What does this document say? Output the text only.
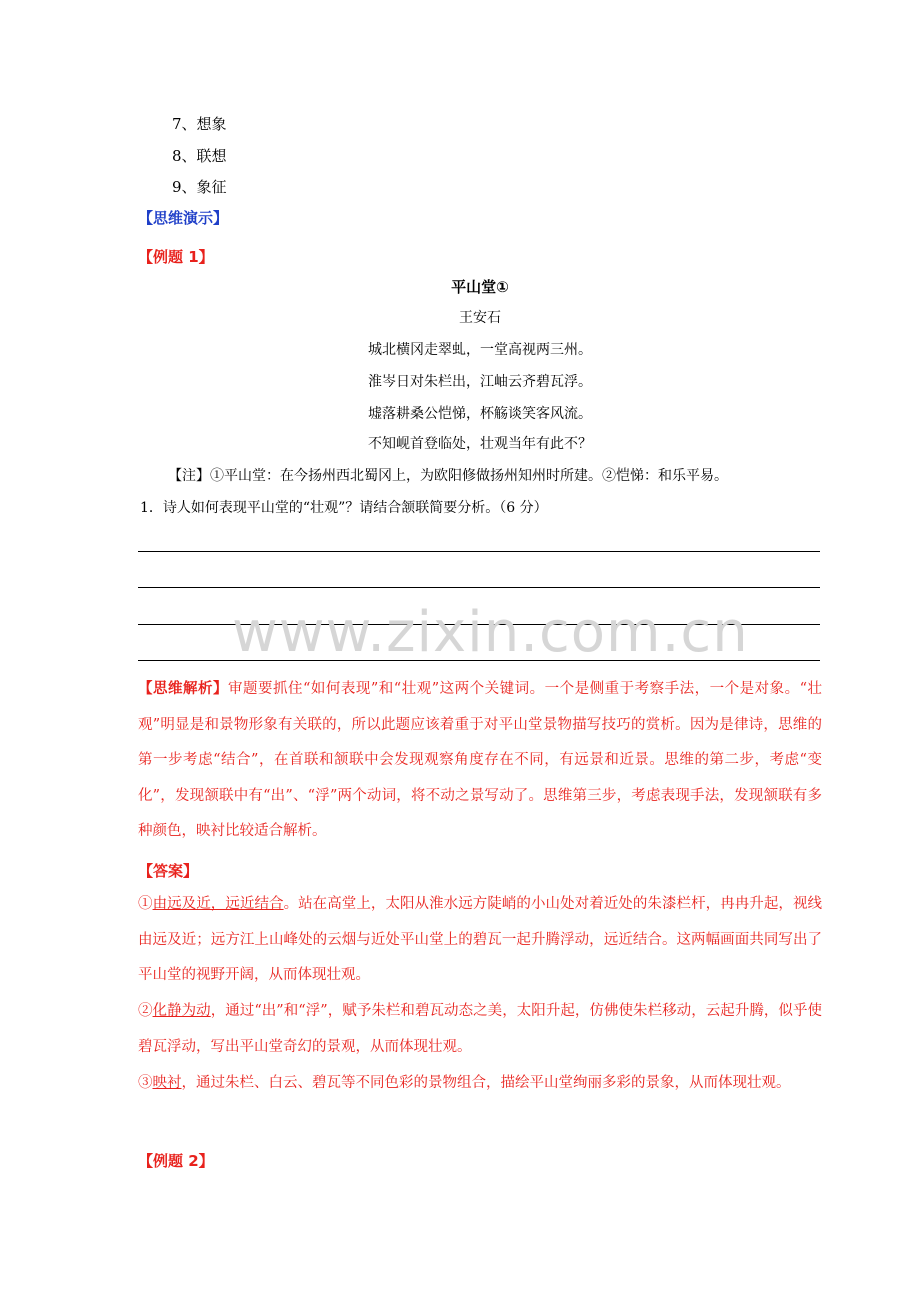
7、想象
8、联想
9、象征
【思维演示】
【例题 1】
平山堂①
王安石
城北横冈走翠虬，一堂高视两三州。
淮岑日对朱栏出，江岫云齐碧瓦浮。
墟落耕桑公恺悌，杯觞谈笑客风流。
不知岘首登临处，壮观当年有此不？
【注】①平山堂：在今扬州西北蜀冈上，为欧阳修做扬州知州时所建。②恺悌：和乐平易。
1．诗人如何表现平山堂的“壮观”？请结合颔联简要分析。（6 分）
www.zixin.com.cn
【思维解析】审题要抓住“如何表现”和“壮观”这两个关键词。一个是侧重于考察手法，一个是对象。“壮观”明显是和景物形象有关联的，所以此题应该着重于对平山堂景物描写技巧的赏析。因为是律诗，思维的第一步考虑“结合”，在首联和颔联中会发现观察角度存在不同，有远景和近景。思维的第二步，考虑“变化”，发现颔联中有“出”、“浮”两个动词，将不动之景写动了。思维第三步，考虑表现手法，发现颔联有多种颜色，映衬比较适合解析。
【答案】
①由远及近，远近结合。站在高堂上，太阳从淮水远方陡峭的小山处对着近处的朱漆栏杆，冉冉升起，视线由远及近；远方江上山峰处的云烟与近处平山堂上的碧瓦一起升腾浮动，远近结合。这两幅画面共同写出了平山堂的视野开阔，从而体现壮观。
②化静为动，通过“出”和“浮”，赋予朱栏和碧瓦动态之美，太阳升起，仿佛使朱栏移动，云起升腾，似乎使碧瓦浮动，写出平山堂奇幻的景观，从而体现壮观。
③映衬，通过朱栏、白云、碧瓦等不同色彩的景物组合，描绘平山堂绚丽多彩的景象，从而体现壮观。
【例题 2】
